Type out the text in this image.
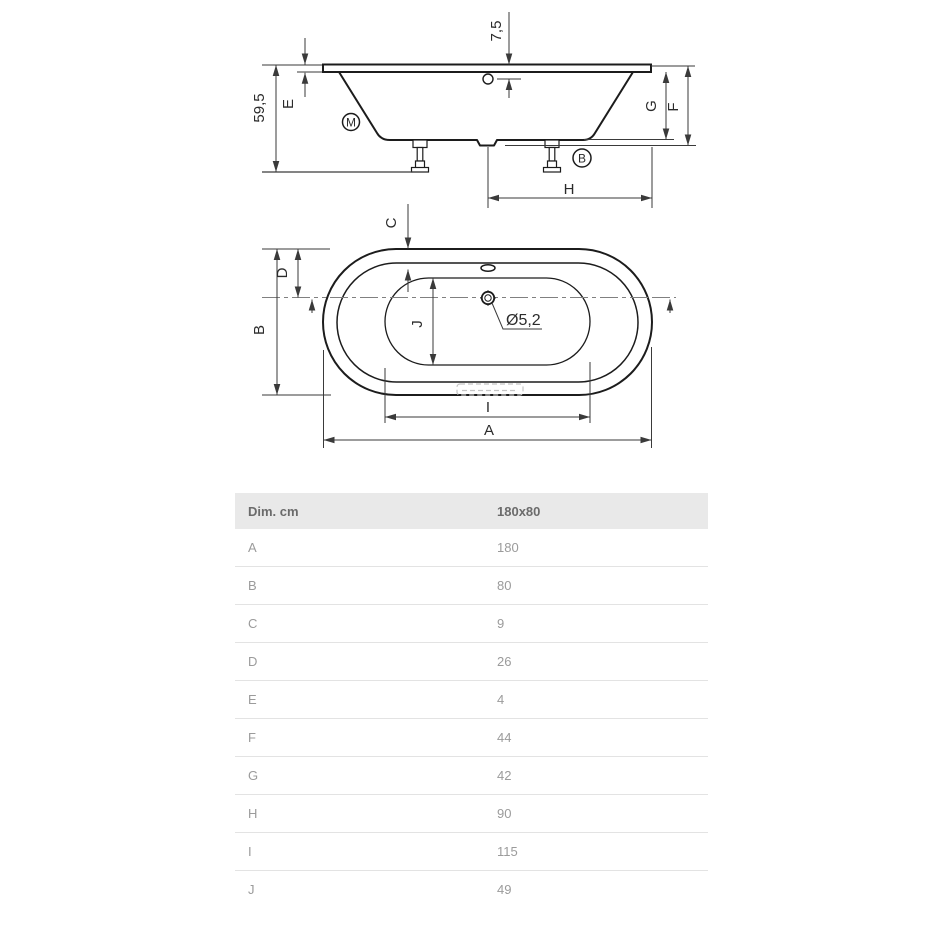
M
B
59,5
7,5
E	G F
H
C
D
B
J	Ø5,2
I
A
Dim. cm	180x80
A	180
B	80
C	9
D	26
E	4
F	44
G	42
H	90
I	115
J	49
